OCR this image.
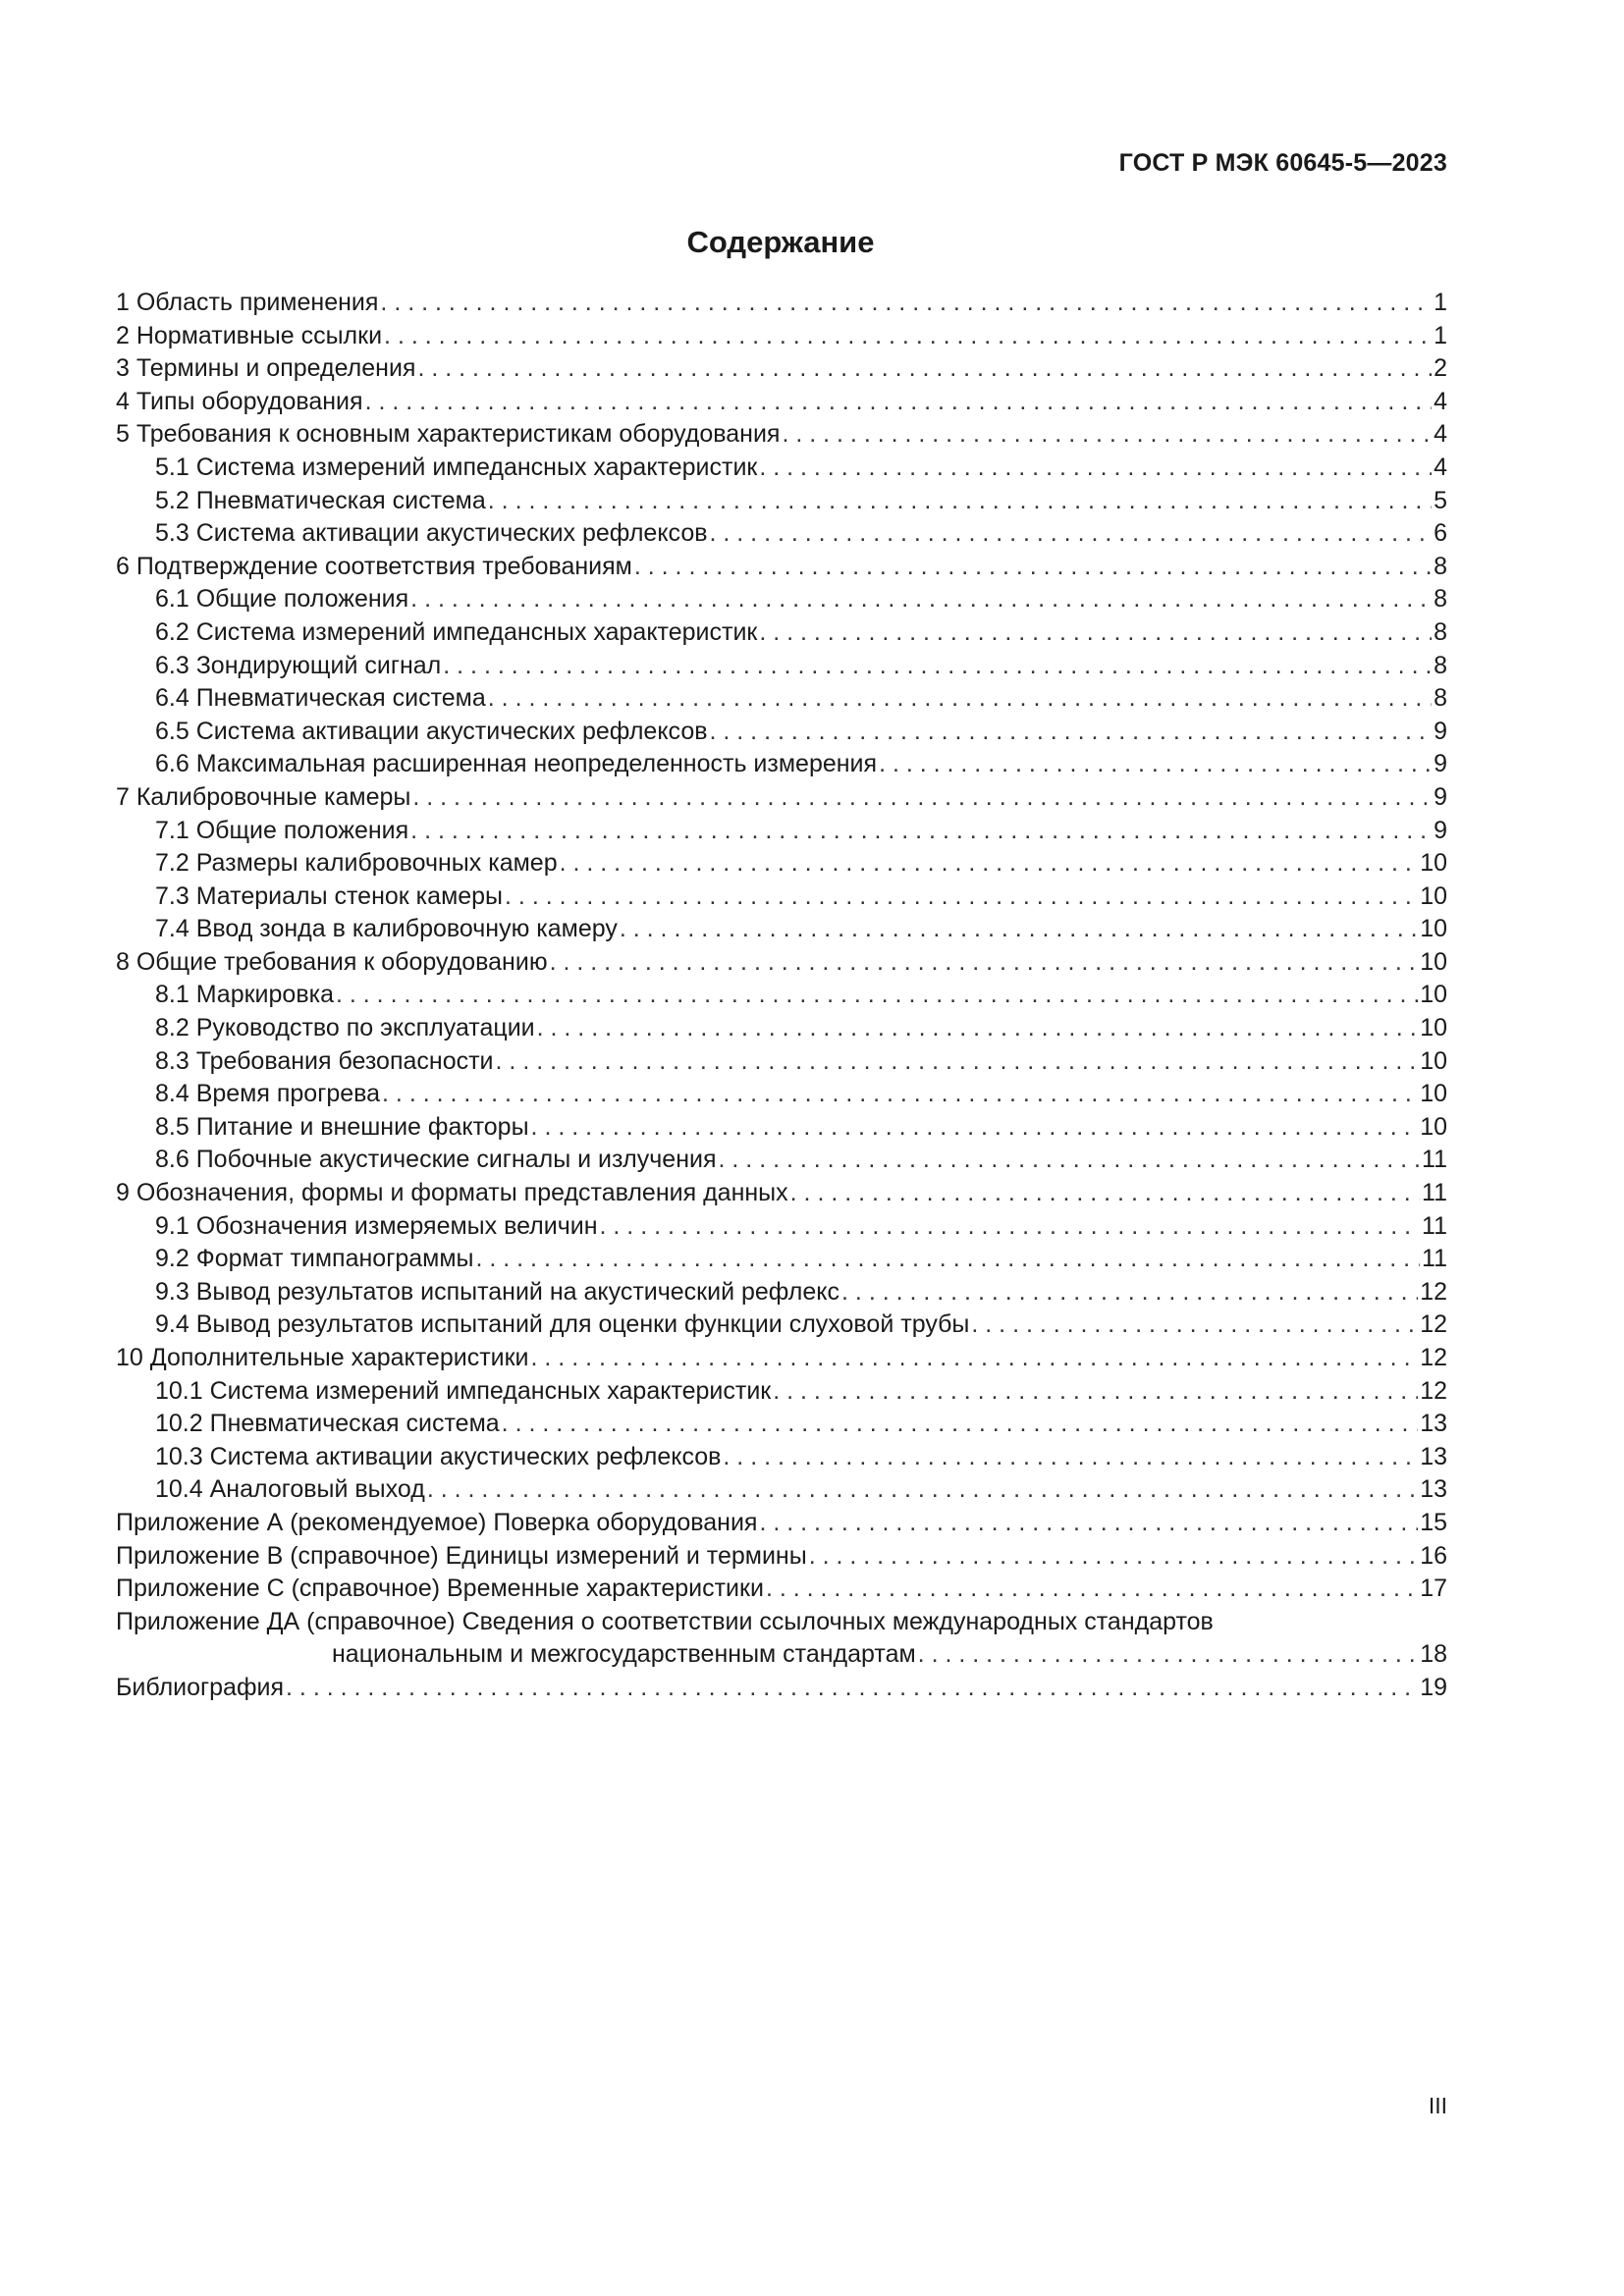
ГОСТ Р МЭК 60645-5—2023
Содержание
1 Область применения . . .	1
2 Нормативные ссылки . . .	1
3 Термины и определения . . .	2
4 Типы оборудования . . .	4
5 Требования к основным характеристикам оборудования . . .	4
5.1 Система измерений импедансных характеристик . . .	4
5.2 Пневматическая система . . .	5
5.3 Система активации акустических рефлексов . . .	6
6 Подтверждение соответствия требованиям . . .	8
6.1 Общие положения . . .	8
6.2 Система измерений импедансных характеристик . . .	8
6.3 Зондирующий сигнал . . .	8
6.4 Пневматическая система . . .	8
6.5 Система активации акустических рефлексов . . .	9
6.6 Максимальная расширенная неопределенность измерения . . .	9
7 Калибровочные камеры . . .	9
7.1 Общие положения . . .	9
7.2 Размеры калибровочных камер . . .	10
7.3 Материалы стенок камеры . . .	10
7.4 Ввод зонда в калибровочную камеру . . .	10
8 Общие требования к оборудованию . . .	10
8.1 Маркировка . . .	10
8.2 Руководство по эксплуатации . . .	10
8.3 Требования безопасности . . .	10
8.4 Время прогрева . . .	10
8.5 Питание и внешние факторы . . .	10
8.6 Побочные акустические сигналы и излучения . . .	11
9 Обозначения, формы и форматы представления данных . . .	11
9.1 Обозначения измеряемых величин . . .	11
9.2 Формат тимпанограммы . . .	11
9.3 Вывод результатов испытаний на акустический рефлекс . . .	12
9.4 Вывод результатов испытаний для оценки функции слуховой трубы . . .	12
10 Дополнительные характеристики . . .	12
10.1 Система измерений импедансных характеристик . . .	12
10.2 Пневматическая система . . .	13
10.3 Система активации акустических рефлексов . . .	13
10.4 Аналоговый выход . . .	13
Приложение А (рекомендуемое) Поверка оборудования . . .	15
Приложение В (справочное) Единицы измерений и термины . . .	16
Приложение С (справочное) Временные характеристики . . .	17
Приложение ДА (справочное) Сведения о соответствии ссылочных международных стандартов
национальным и межгосударственным стандартам . . .	18
Библиография . . .	19
III
